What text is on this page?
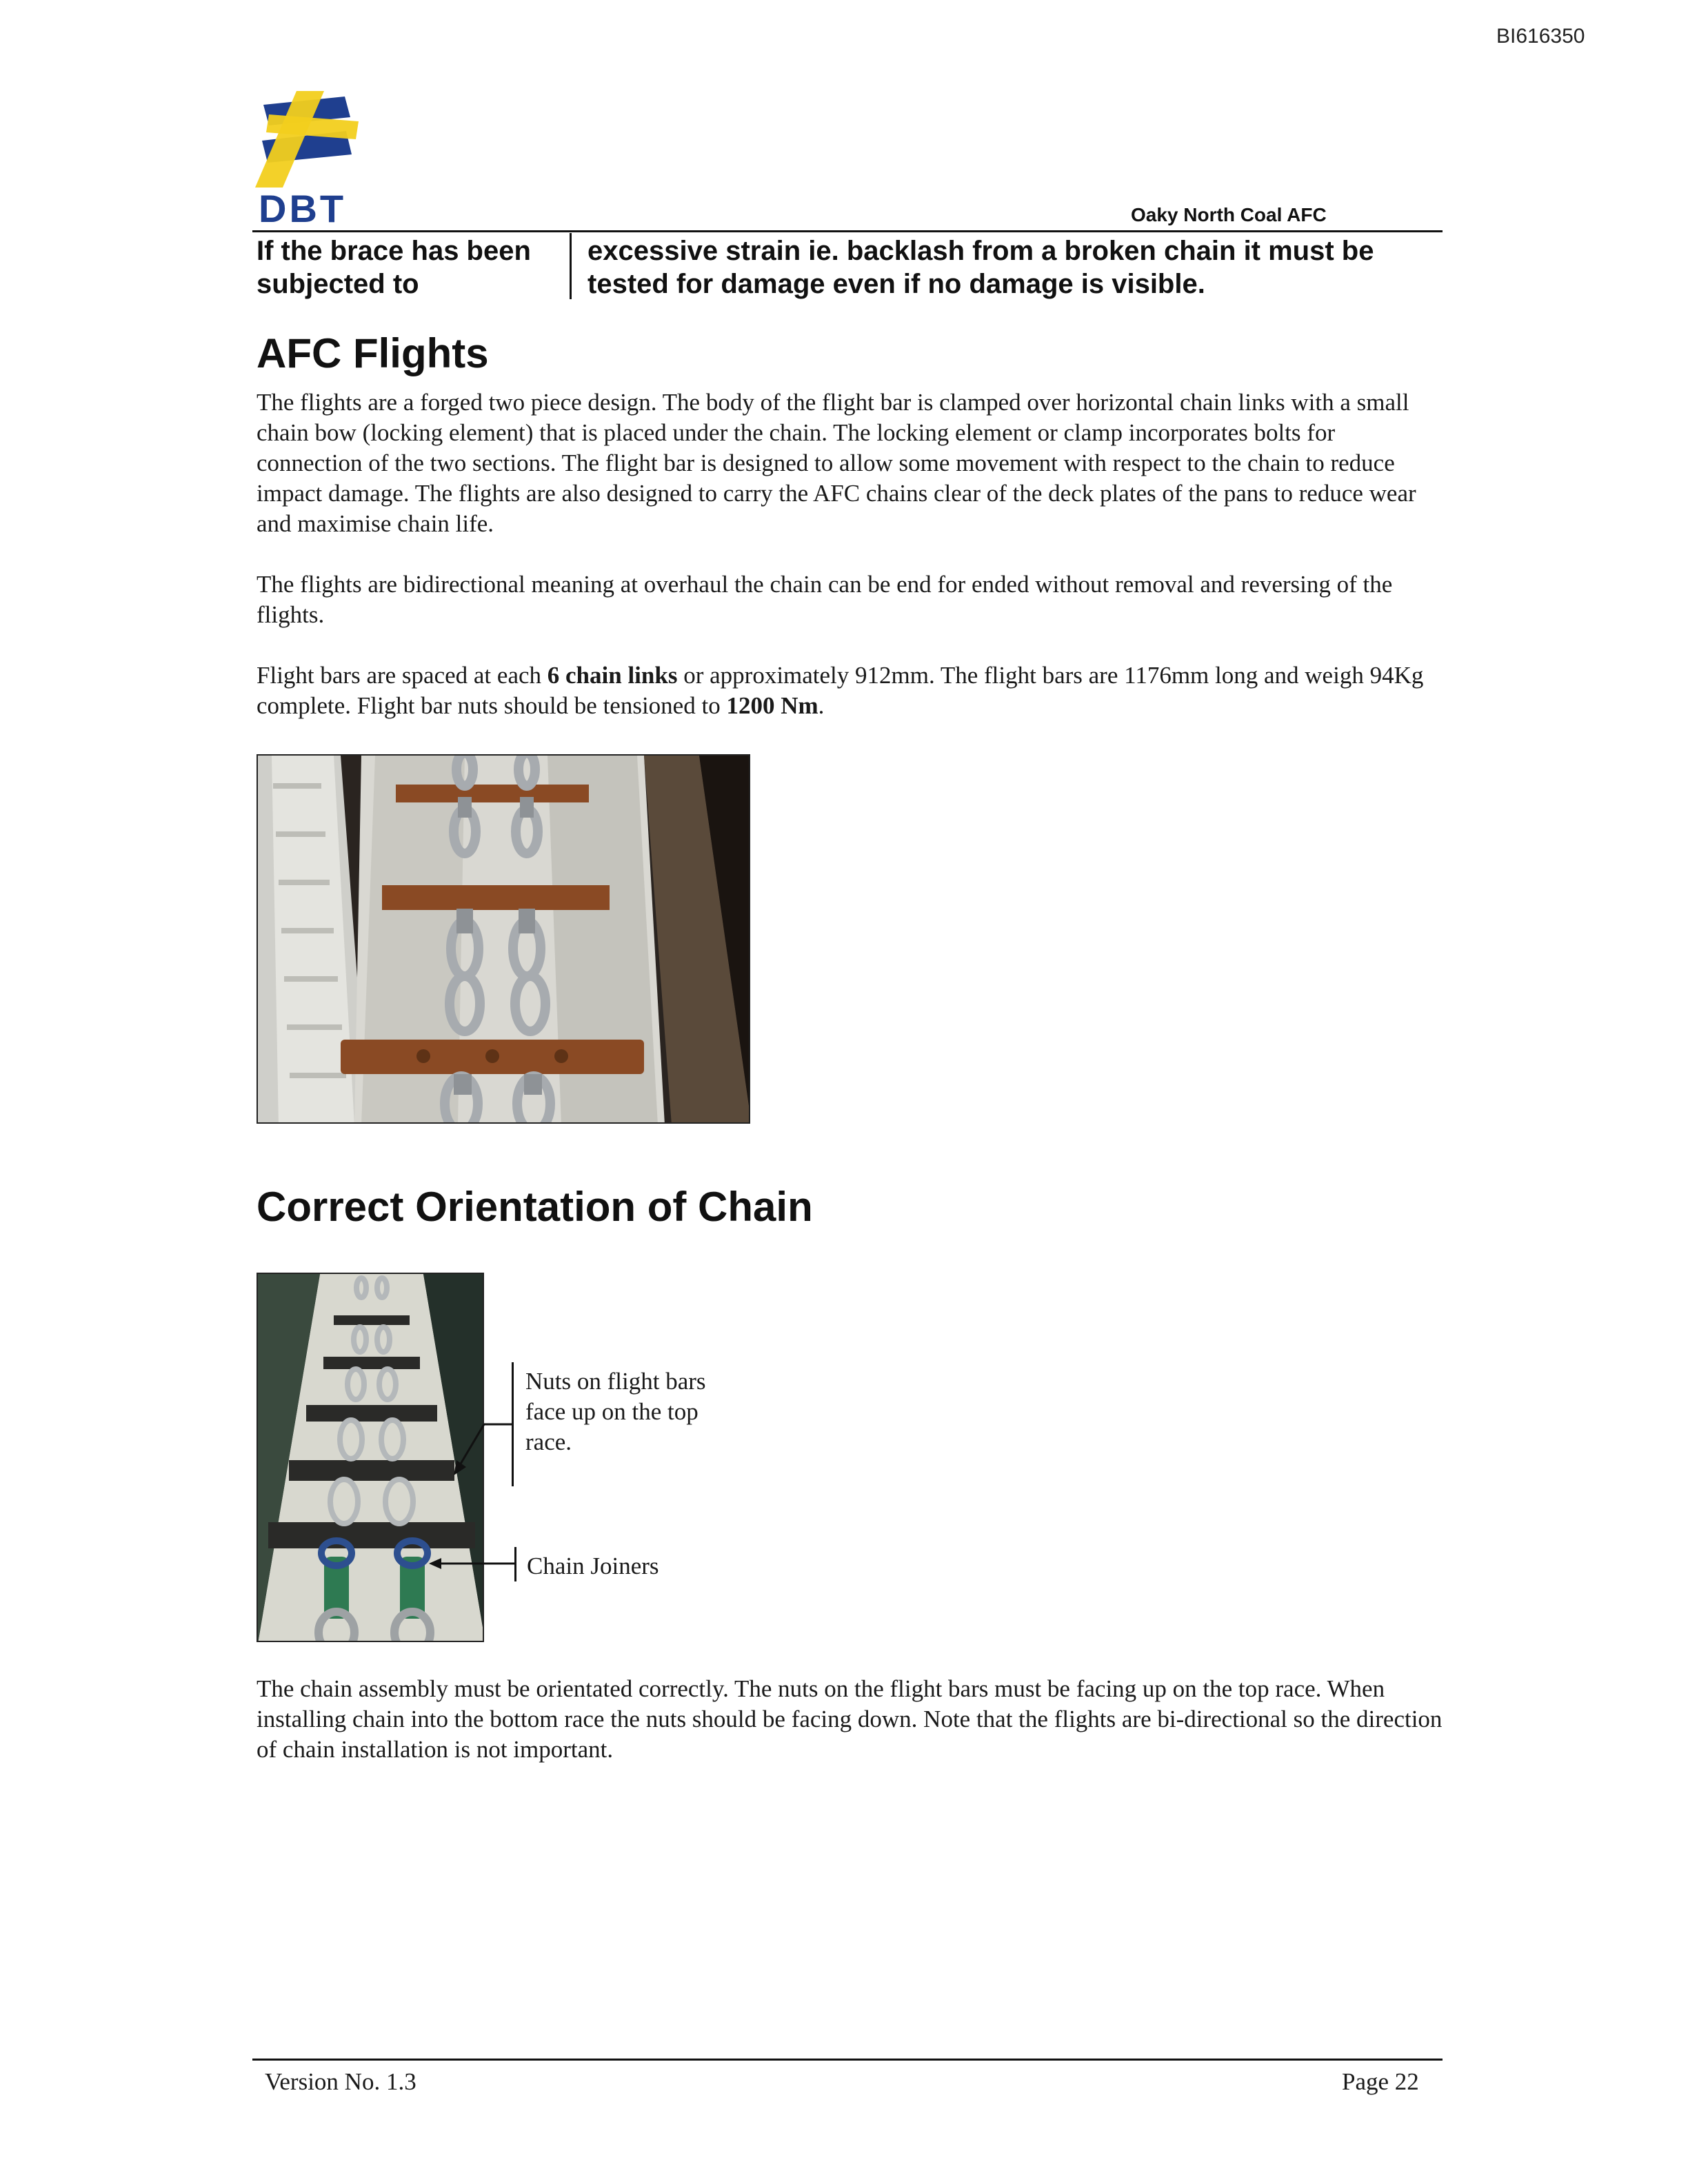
BI616350
DBT	Oaky North Coal AFC
If the brace has been subjected to
excessive strain ie. backlash from a broken chain it must be tested for damage even if no damage is visible.
AFC Flights

The flights are a forged two piece design. The body of the flight bar is clamped over horizontal chain links with a small chain bow (locking element) that is placed under the chain. The locking element or clamp incorporates bolts for connection of the two sections. The flight bar is designed to allow some movement with respect to the chain to reduce impact damage. The flights are also designed to carry the AFC chains clear of the deck plates of the pans to reduce wear and maximise chain life.

The flights are bidirectional meaning at overhaul the chain can be end for ended without removal and reversing of the flights.

Flight bars are spaced at each 6 chain links or approximately 912mm. The flight bars are 1176mm long and weigh 94Kg complete. Flight bar nuts should be tensioned to 1200 Nm.

Correct Orientation of Chain
Nuts on flight bars face up on the top race.
Chain Joiners

The chain assembly must be orientated correctly. The nuts on the flight bars must be facing up on the top race. When installing chain into the bottom race the nuts should be facing down. Note that the flights are bi-directional so the direction of chain installation is not important.

Version No. 1.3	Page 22
